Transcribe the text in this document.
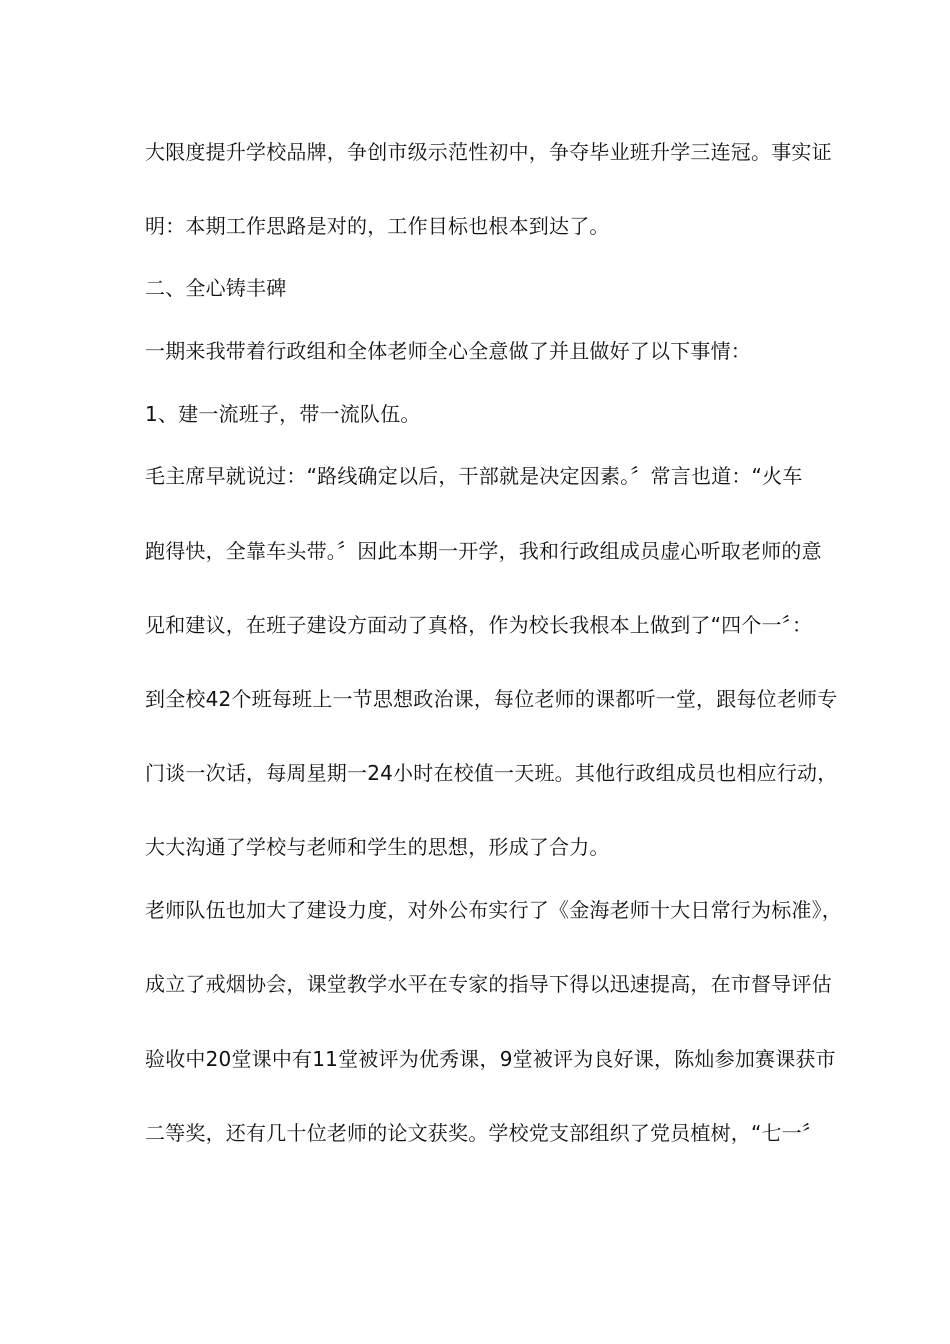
大限度提升学校品牌，争创市级示范性初中，争夺毕业班升学三连冠。事实证
明：本期工作思路是对的，工作目标也根本到达了。
二、全心铸丰碑
一期来我带着行政组和全体老师全心全意做了并且做好了以下事情：
1、建一流班子，带一流队伍。
毛主席早就说过：“路线确定以后，干部就是决定因素。〞常言也道：“火车
跑得快，全靠车头带。〞因此本期一开学，我和行政组成员虚心听取老师的意
见和建议，在班子建设方面动了真格，作为校长我根本上做到了“四个一〞：
到全校42个班每班上一节思想政治课，每位老师的课都听一堂，跟每位老师专
门谈一次话，每周星期一24小时在校值一天班。其他行政组成员也相应行动，
大大沟通了学校与老师和学生的思想，形成了合力。
老师队伍也加大了建设力度，对外公布实行了《金海老师十大日常行为标准》，
成立了戒烟协会，课堂教学水平在专家的指导下得以迅速提高，在市督导评估
验收中20堂课中有11堂被评为优秀课，9堂被评为良好课，陈灿参加赛课获市
二等奖，还有几十位老师的论文获奖。学校党支部组织了党员植树，“七一〞
